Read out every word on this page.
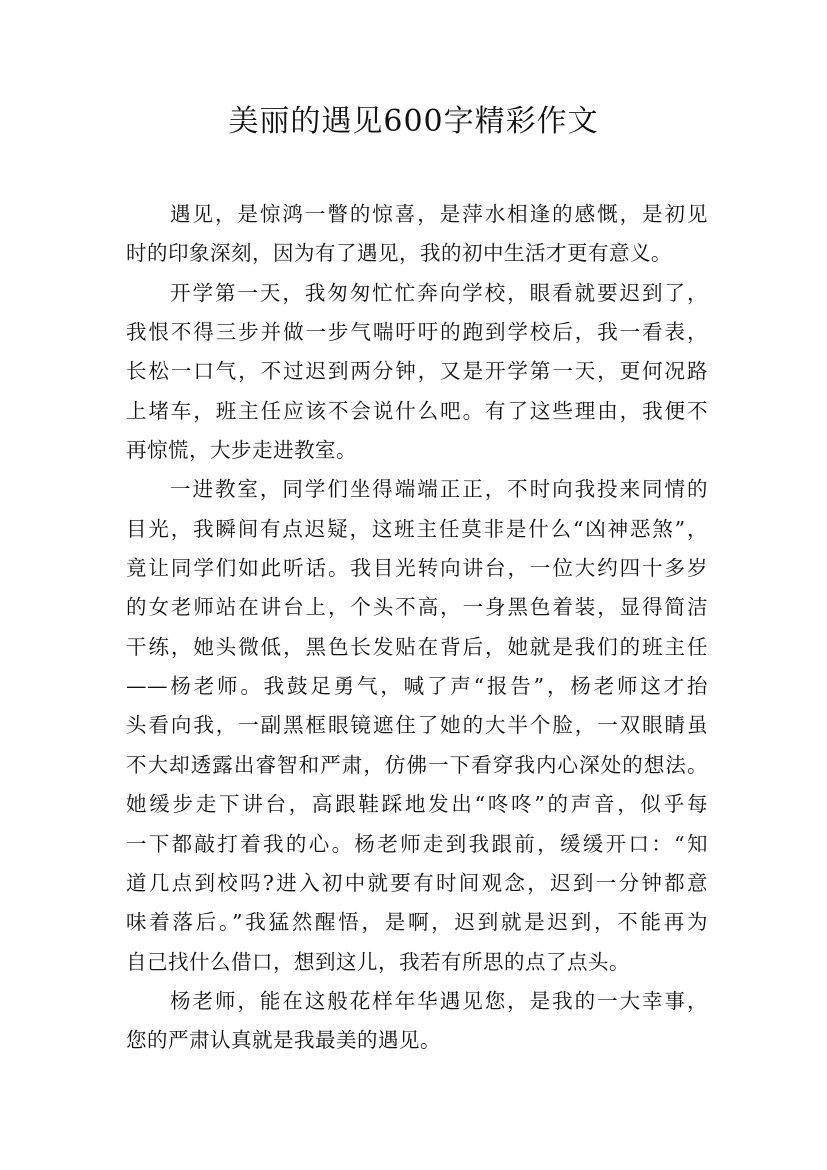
美丽的遇见600字精彩作文
遇见，是惊鸿一瞥的惊喜，是萍水相逢的感慨，是初见
时的印象深刻，因为有了遇见，我的初中生活才更有意义。
开学第一天，我匆匆忙忙奔向学校，眼看就要迟到了，
我恨不得三步并做一步气喘吁吁的跑到学校后，我一看表，
长松一口气，不过迟到两分钟，又是开学第一天，更何况路
上堵车，班主任应该不会说什么吧。有了这些理由，我便不
再惊慌，大步走进教室。
一进教室，同学们坐得端端正正，不时向我投来同情的
目光，我瞬间有点迟疑，这班主任莫非是什么“凶神恶煞”，
竟让同学们如此听话。我目光转向讲台，一位大约四十多岁
的女老师站在讲台上，个头不高，一身黑色着装，显得简洁
干练，她头微低，黑色长发贴在背后，她就是我们的班主任
——杨老师。我鼓足勇气，喊了声“报告”，杨老师这才抬
头看向我，一副黑框眼镜遮住了她的大半个脸，一双眼睛虽
不大却透露出睿智和严肃，仿佛一下看穿我内心深处的想法。
她缓步走下讲台，高跟鞋踩地发出“咚咚”的声音，似乎每
一下都敲打着我的心。杨老师走到我跟前，缓缓开口：“知
道几点到校吗?进入初中就要有时间观念，迟到一分钟都意
味着落后。”我猛然醒悟，是啊，迟到就是迟到，不能再为
自己找什么借口，想到这儿，我若有所思的点了点头。
杨老师，能在这般花样年华遇见您，是我的一大幸事，
您的严肃认真就是我最美的遇见。
